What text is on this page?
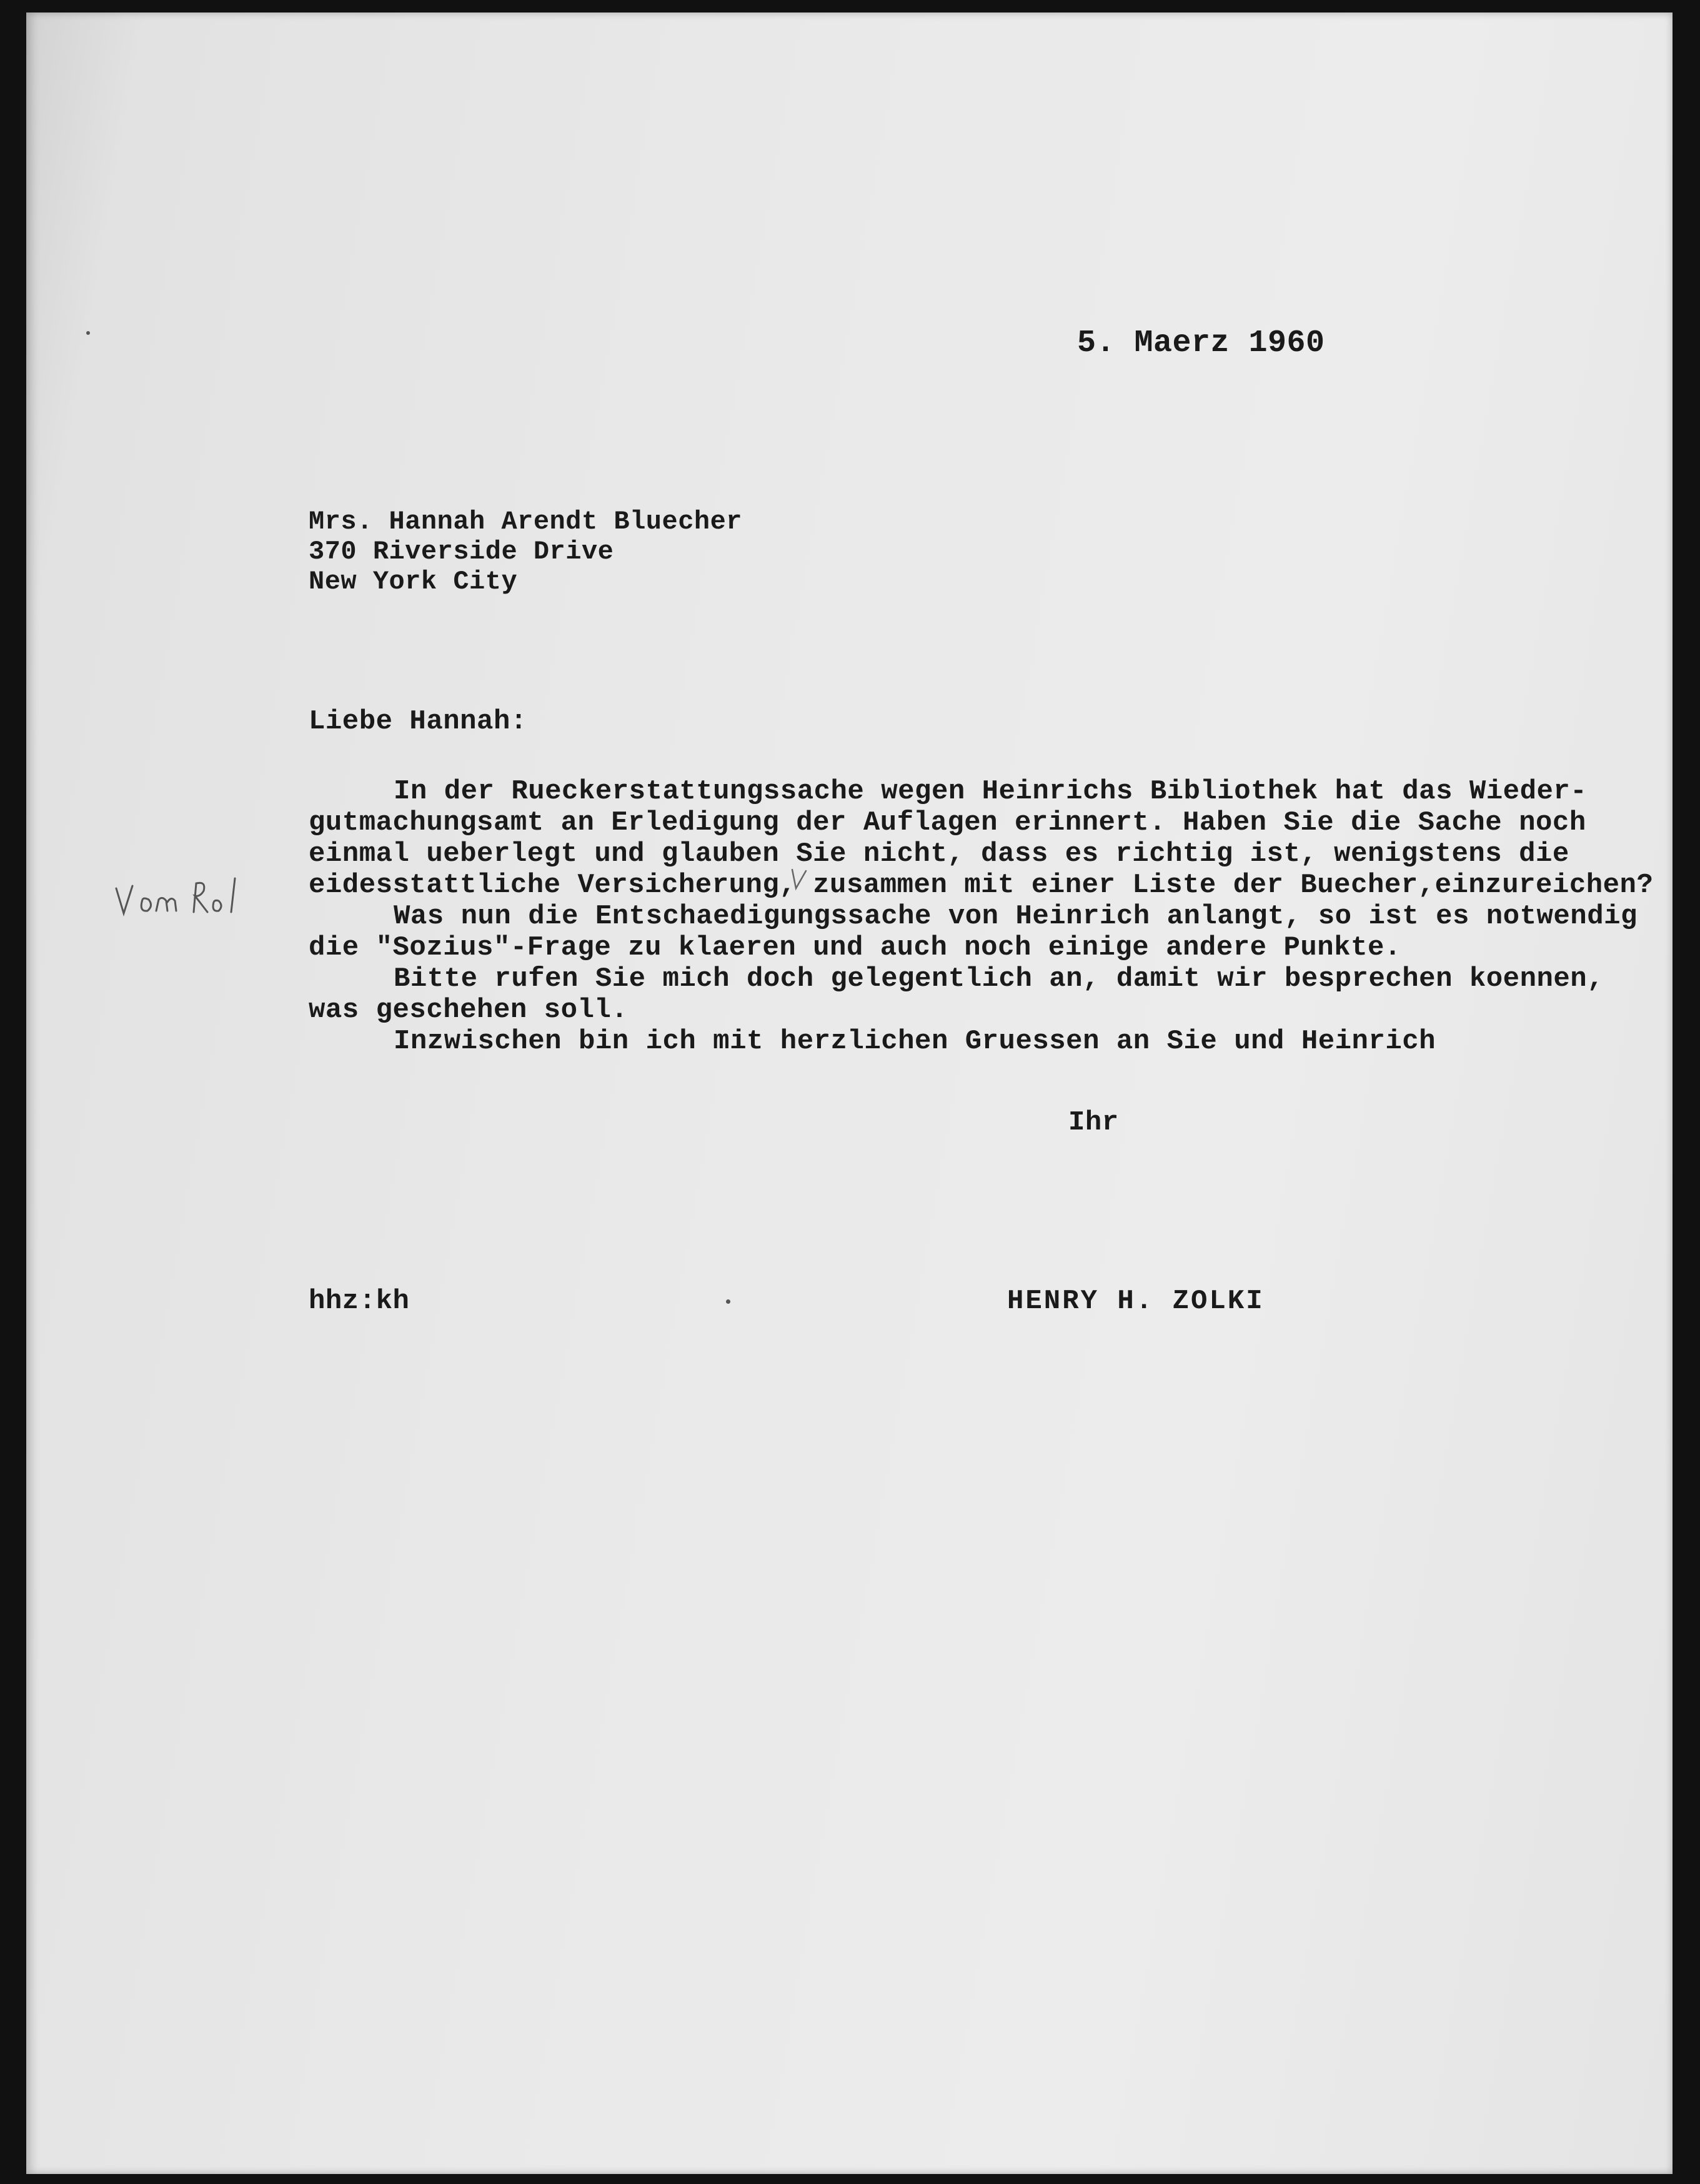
5. Maerz 1960

Mrs. Hannah Arendt Bluecher

370 Riverside Drive

New York City

Liebe Hannah:

In der Rueckerstattungssache wegen Heinrichs Bibliothek hat das Wieder-

gutmachungsamt an Erledigung der Auflagen erinnert. Haben Sie die Sache noch

einmal ueberlegt und glauben Sie nicht, dass es richtig ist, wenigstens die

eidesstattliche Versicherung, zusammen mit einer Liste der Buecher,einzureichen?

Was nun die Entschaedigungssache von Heinrich anlangt, so ist es notwendig

die "Sozius"-Frage zu klaeren und auch noch einige andere Punkte.

Bitte rufen Sie mich doch gelegentlich an, damit wir besprechen koennen,

was geschehen soll.

Inzwischen bin ich mit herzlichen Gruessen an Sie und Heinrich

Ihr

hhz:kh	HENRY H. ZOLKI
